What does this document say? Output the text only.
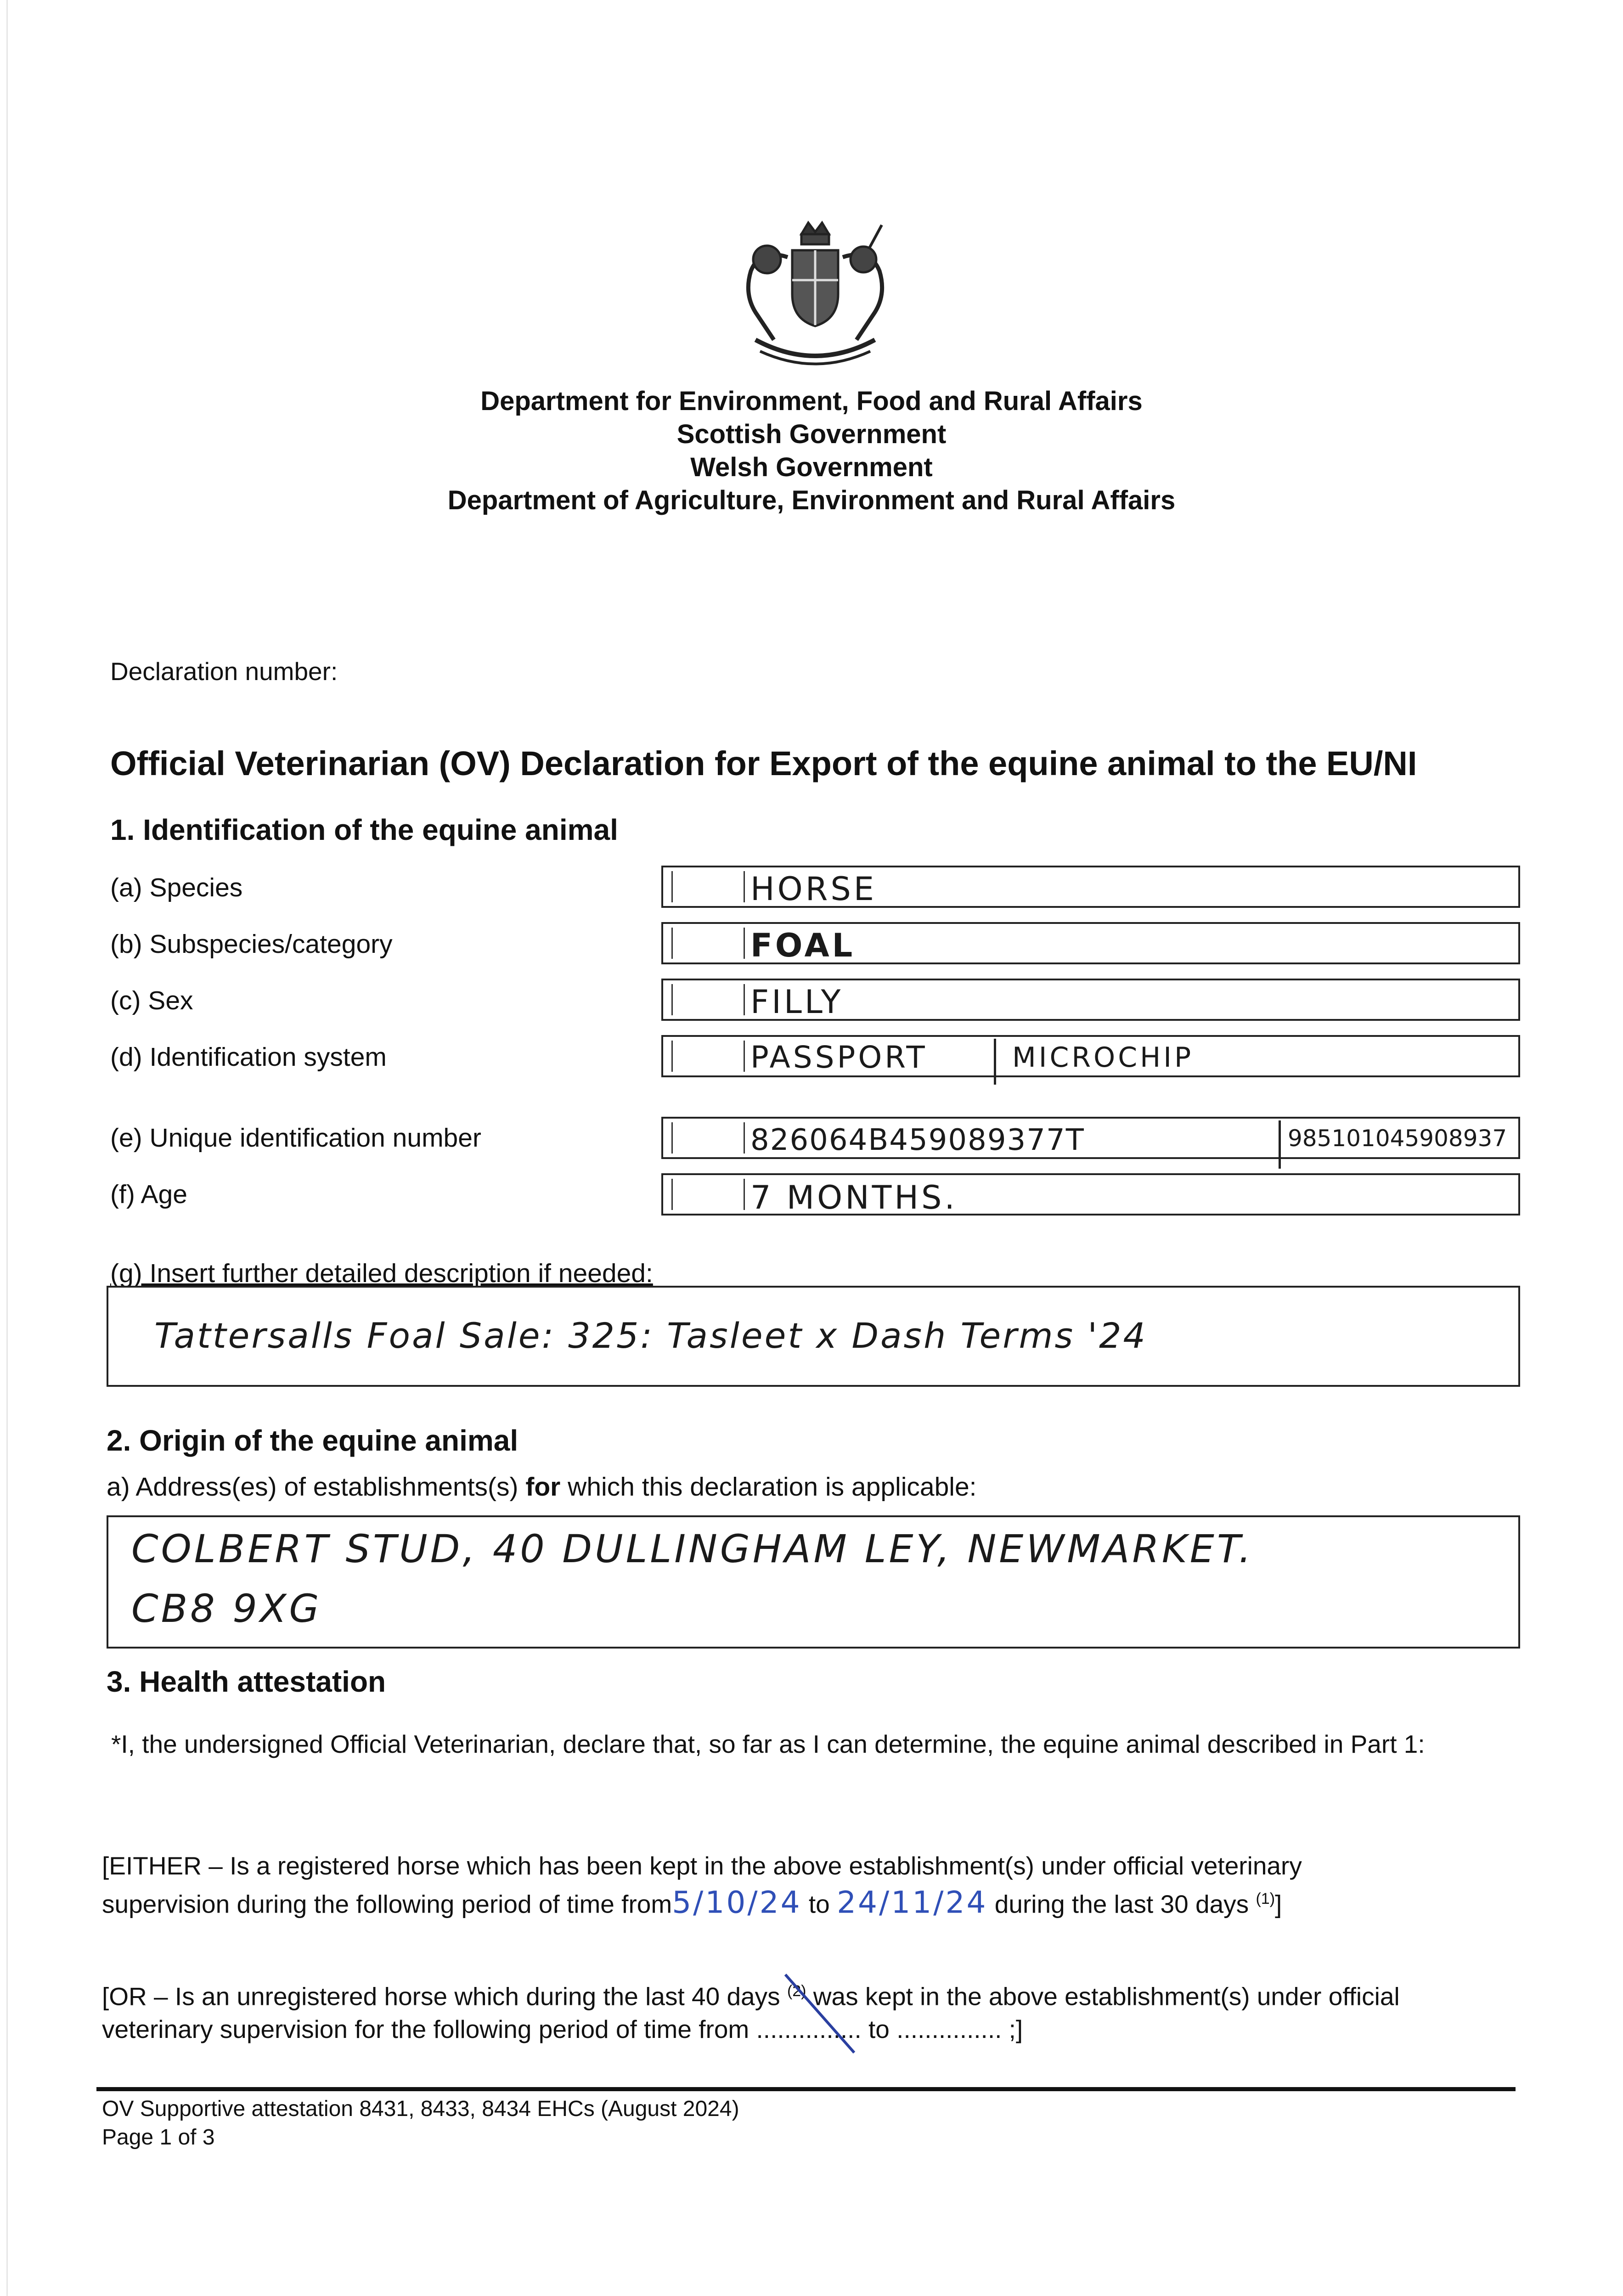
Department for Environment, Food and Rural Affairs
Scottish Government
Welsh Government
Department of Agriculture, Environment and Rural Affairs
Declaration number:
Official Veterinarian (OV) Declaration for Export of the equine animal to the EU/NI
1. Identification of the equine animal
(a) Species	HORSE
(b) Subspecies/category	FOAL
(c) Sex	FILLY
(d) Identification system	PASSPORT	MICROCHIP
(e) Unique identification number	826064B459089377T	985101045908937
(f) Age	7 MONTHS.
(g) Insert further detailed description if needed:
Tattersalls Foal Sale: 325: Tasleet x Dash Terms '24
2. Origin of the equine animal
a) Address(es) of establishments(s) for which this declaration is applicable:
COLBERT STUD, 40 DULLINGHAM LEY, NEWMARKET.
CB8 9XG
3. Health attestation
*I, the undersigned Official Veterinarian, declare that, so far as I can determine, the equine animal described in Part 1:
[EITHER – Is a registered horse which has been kept in the above establishment(s) under official veterinary
supervision during the following period of time from5/10/24 to 24/11/24 during the last 30 days $^{(1)}$]
[OR – Is an unregistered horse which during the last 40 days $^{(2)}$ was kept in the above establishment(s) under official
veterinary supervision for the following period of time from ............... to ............... ;]
OV Supportive attestation 8431, 8433, 8434 EHCs (August 2024)
Page 1 of 3
